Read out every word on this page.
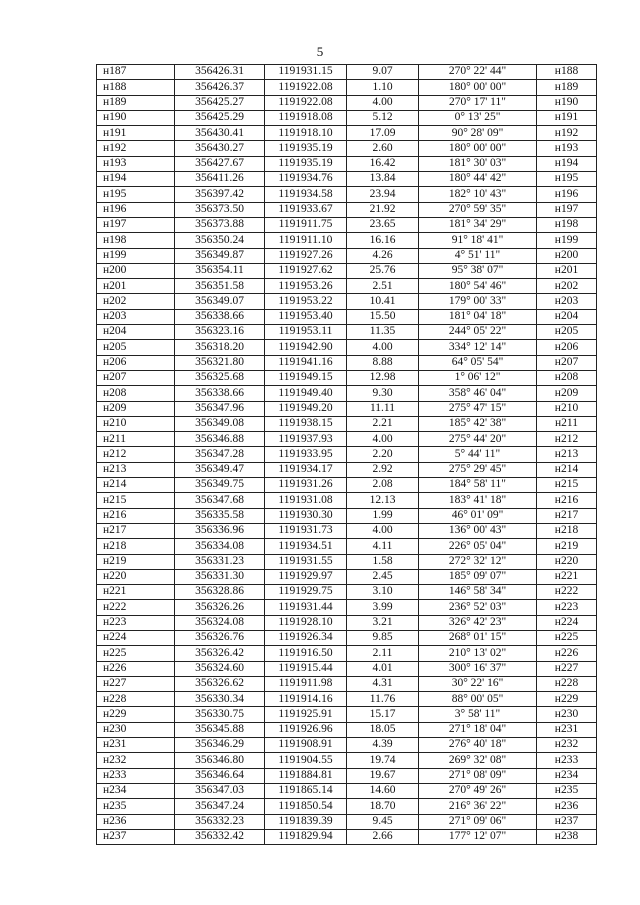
5
н187	356426.31	1191931.15	9.07	270° 22' 44"	н188
н188	356426.37	1191922.08	1.10	180° 00' 00"	н189
н189	356425.27	1191922.08	4.00	270° 17' 11"	н190
н190	356425.29	1191918.08	5.12	0° 13' 25"	н191
н191	356430.41	1191918.10	17.09	90° 28' 09"	н192
н192	356430.27	1191935.19	2.60	180° 00' 00"	н193
н193	356427.67	1191935.19	16.42	181° 30' 03"	н194
н194	356411.26	1191934.76	13.84	180° 44' 42"	н195
н195	356397.42	1191934.58	23.94	182° 10' 43"	н196
н196	356373.50	1191933.67	21.92	270° 59' 35"	н197
н197	356373.88	1191911.75	23.65	181° 34' 29"	н198
н198	356350.24	1191911.10	16.16	91° 18' 41"	н199
н199	356349.87	1191927.26	4.26	4° 51' 11"	н200
н200	356354.11	1191927.62	25.76	95° 38' 07"	н201
н201	356351.58	1191953.26	2.51	180° 54' 46"	н202
н202	356349.07	1191953.22	10.41	179° 00' 33"	н203
н203	356338.66	1191953.40	15.50	181° 04' 18"	н204
н204	356323.16	1191953.11	11.35	244° 05' 22"	н205
н205	356318.20	1191942.90	4.00	334° 12' 14"	н206
н206	356321.80	1191941.16	8.88	64° 05' 54"	н207
н207	356325.68	1191949.15	12.98	1° 06' 12"	н208
н208	356338.66	1191949.40	9.30	358° 46' 04"	н209
н209	356347.96	1191949.20	11.11	275° 47' 15"	н210
н210	356349.08	1191938.15	2.21	185° 42' 38"	н211
н211	356346.88	1191937.93	4.00	275° 44' 20"	н212
н212	356347.28	1191933.95	2.20	5° 44' 11"	н213
н213	356349.47	1191934.17	2.92	275° 29' 45"	н214
н214	356349.75	1191931.26	2.08	184° 58' 11"	н215
н215	356347.68	1191931.08	12.13	183° 41' 18"	н216
н216	356335.58	1191930.30	1.99	46° 01' 09"	н217
н217	356336.96	1191931.73	4.00	136° 00' 43"	н218
н218	356334.08	1191934.51	4.11	226° 05' 04"	н219
н219	356331.23	1191931.55	1.58	272° 32' 12"	н220
н220	356331.30	1191929.97	2.45	185° 09' 07"	н221
н221	356328.86	1191929.75	3.10	146° 58' 34"	н222
н222	356326.26	1191931.44	3.99	236° 52' 03"	н223
н223	356324.08	1191928.10	3.21	326° 42' 23"	н224
н224	356326.76	1191926.34	9.85	268° 01' 15"	н225
н225	356326.42	1191916.50	2.11	210° 13' 02"	н226
н226	356324.60	1191915.44	4.01	300° 16' 37"	н227
н227	356326.62	1191911.98	4.31	30° 22' 16"	н228
н228	356330.34	1191914.16	11.76	88° 00' 05"	н229
н229	356330.75	1191925.91	15.17	3° 58' 11"	н230
н230	356345.88	1191926.96	18.05	271° 18' 04"	н231
н231	356346.29	1191908.91	4.39	276° 40' 18"	н232
н232	356346.80	1191904.55	19.74	269° 32' 08"	н233
н233	356346.64	1191884.81	19.67	271° 08' 09"	н234
н234	356347.03	1191865.14	14.60	270° 49' 26"	н235
н235	356347.24	1191850.54	18.70	216° 36' 22"	н236
н236	356332.23	1191839.39	9.45	271° 09' 06"	н237
н237	356332.42	1191829.94	2.66	177° 12' 07"	н238
